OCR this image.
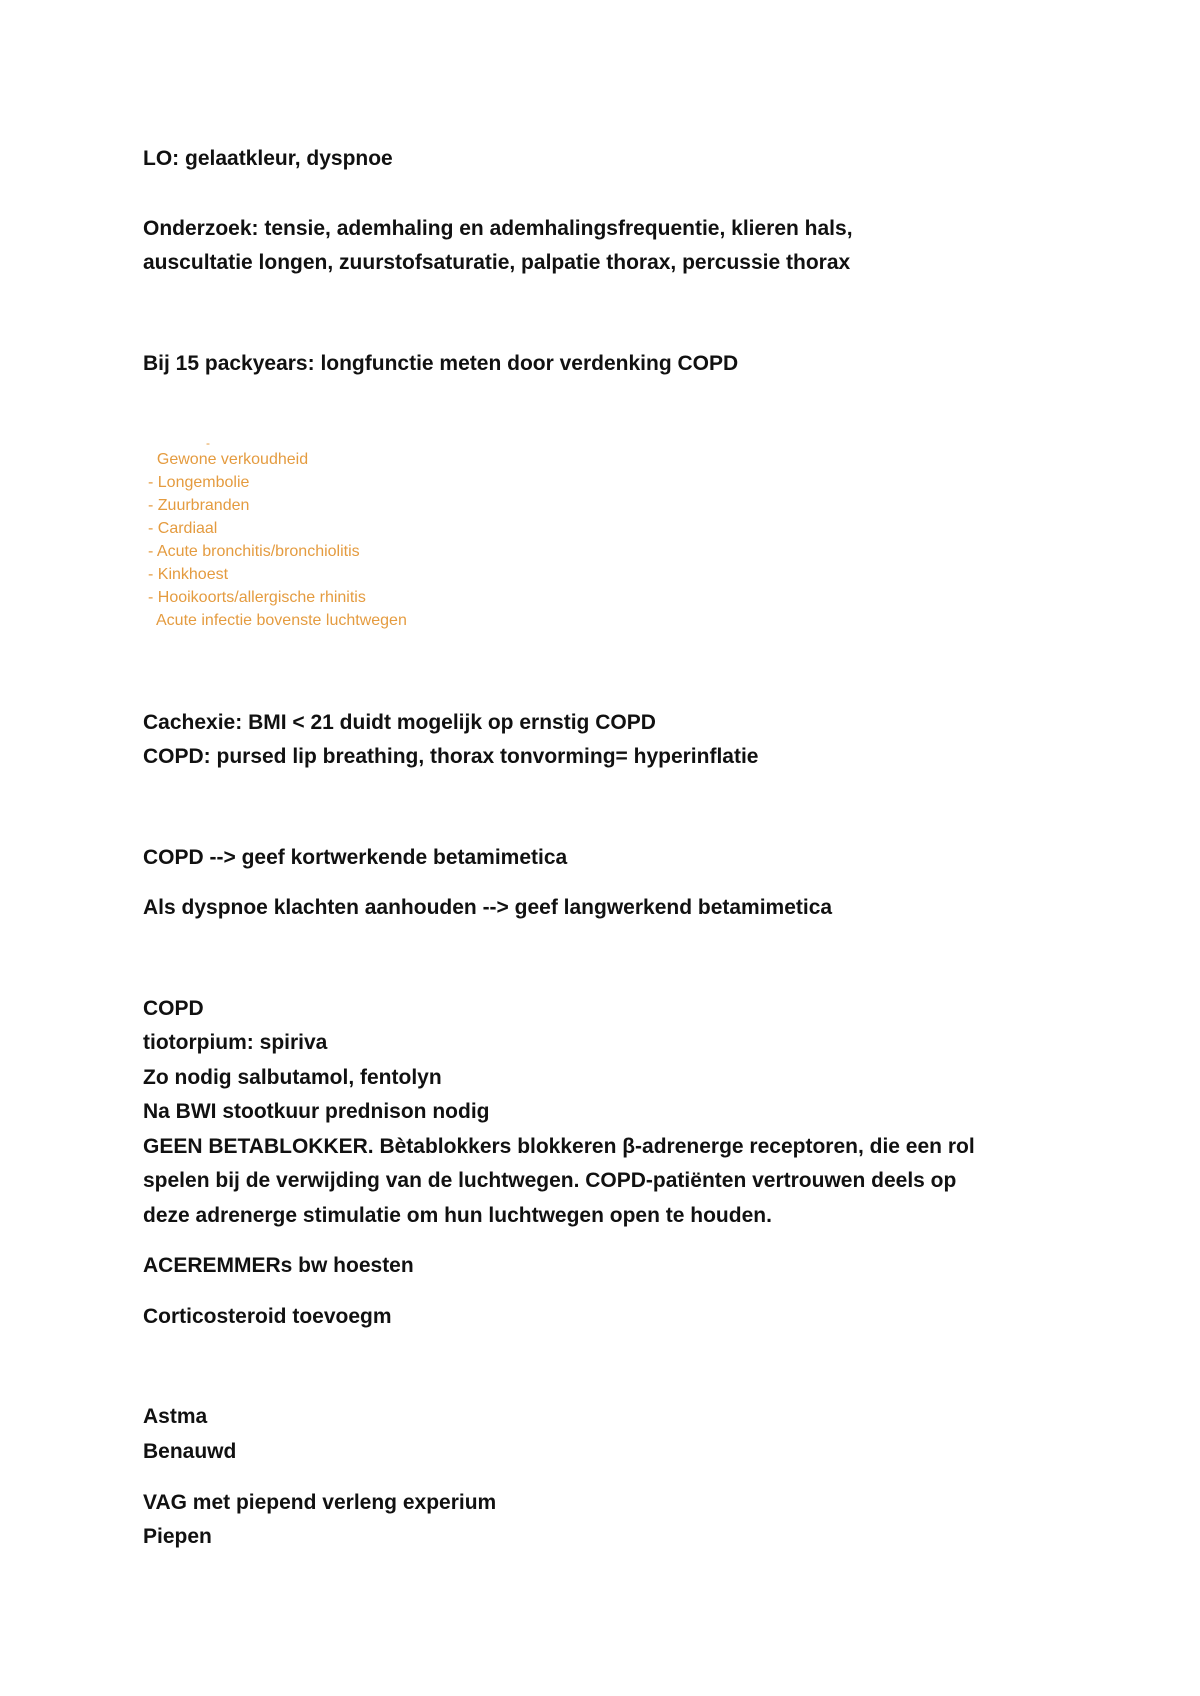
LO: gelaatkleur, dyspnoe

Onderzoek: tensie, ademhaling en ademhalingsfrequentie, klieren hals,

auscultatie longen, zuurstofsaturatie, palpatie thorax, percussie thorax

Bij 15 packyears: longfunctie meten door verdenking COPD

-
Gewone verkoudheid
- Longembolie
- Zuurbranden
- Cardiaal
- Acute bronchitis/bronchiolitis
- Kinkhoest
- Hooikoorts/allergische rhinitis
Acute infectie bovenste luchtwegen

Cachexie: BMI < 21 duidt mogelijk op ernstig COPD

COPD: pursed lip breathing, thorax tonvorming= hyperinflatie

COPD --> geef kortwerkende betamimetica

Als dyspnoe klachten aanhouden --> geef langwerkend betamimetica

COPD

tiotorpium: spiriva

Zo nodig salbutamol, fentolyn

Na BWI stootkuur prednison nodig

GEEN BETABLOKKER. Bètablokkers blokkeren β-adrenerge receptoren, die een rol

spelen bij de verwijding van de luchtwegen. COPD-patiënten vertrouwen deels op

deze adrenerge stimulatie om hun luchtwegen open te houden.

ACEREMMERs bw hoesten

Corticosteroid toevoegm

Astma

Benauwd

VAG met piepend verleng experium

Piepen
